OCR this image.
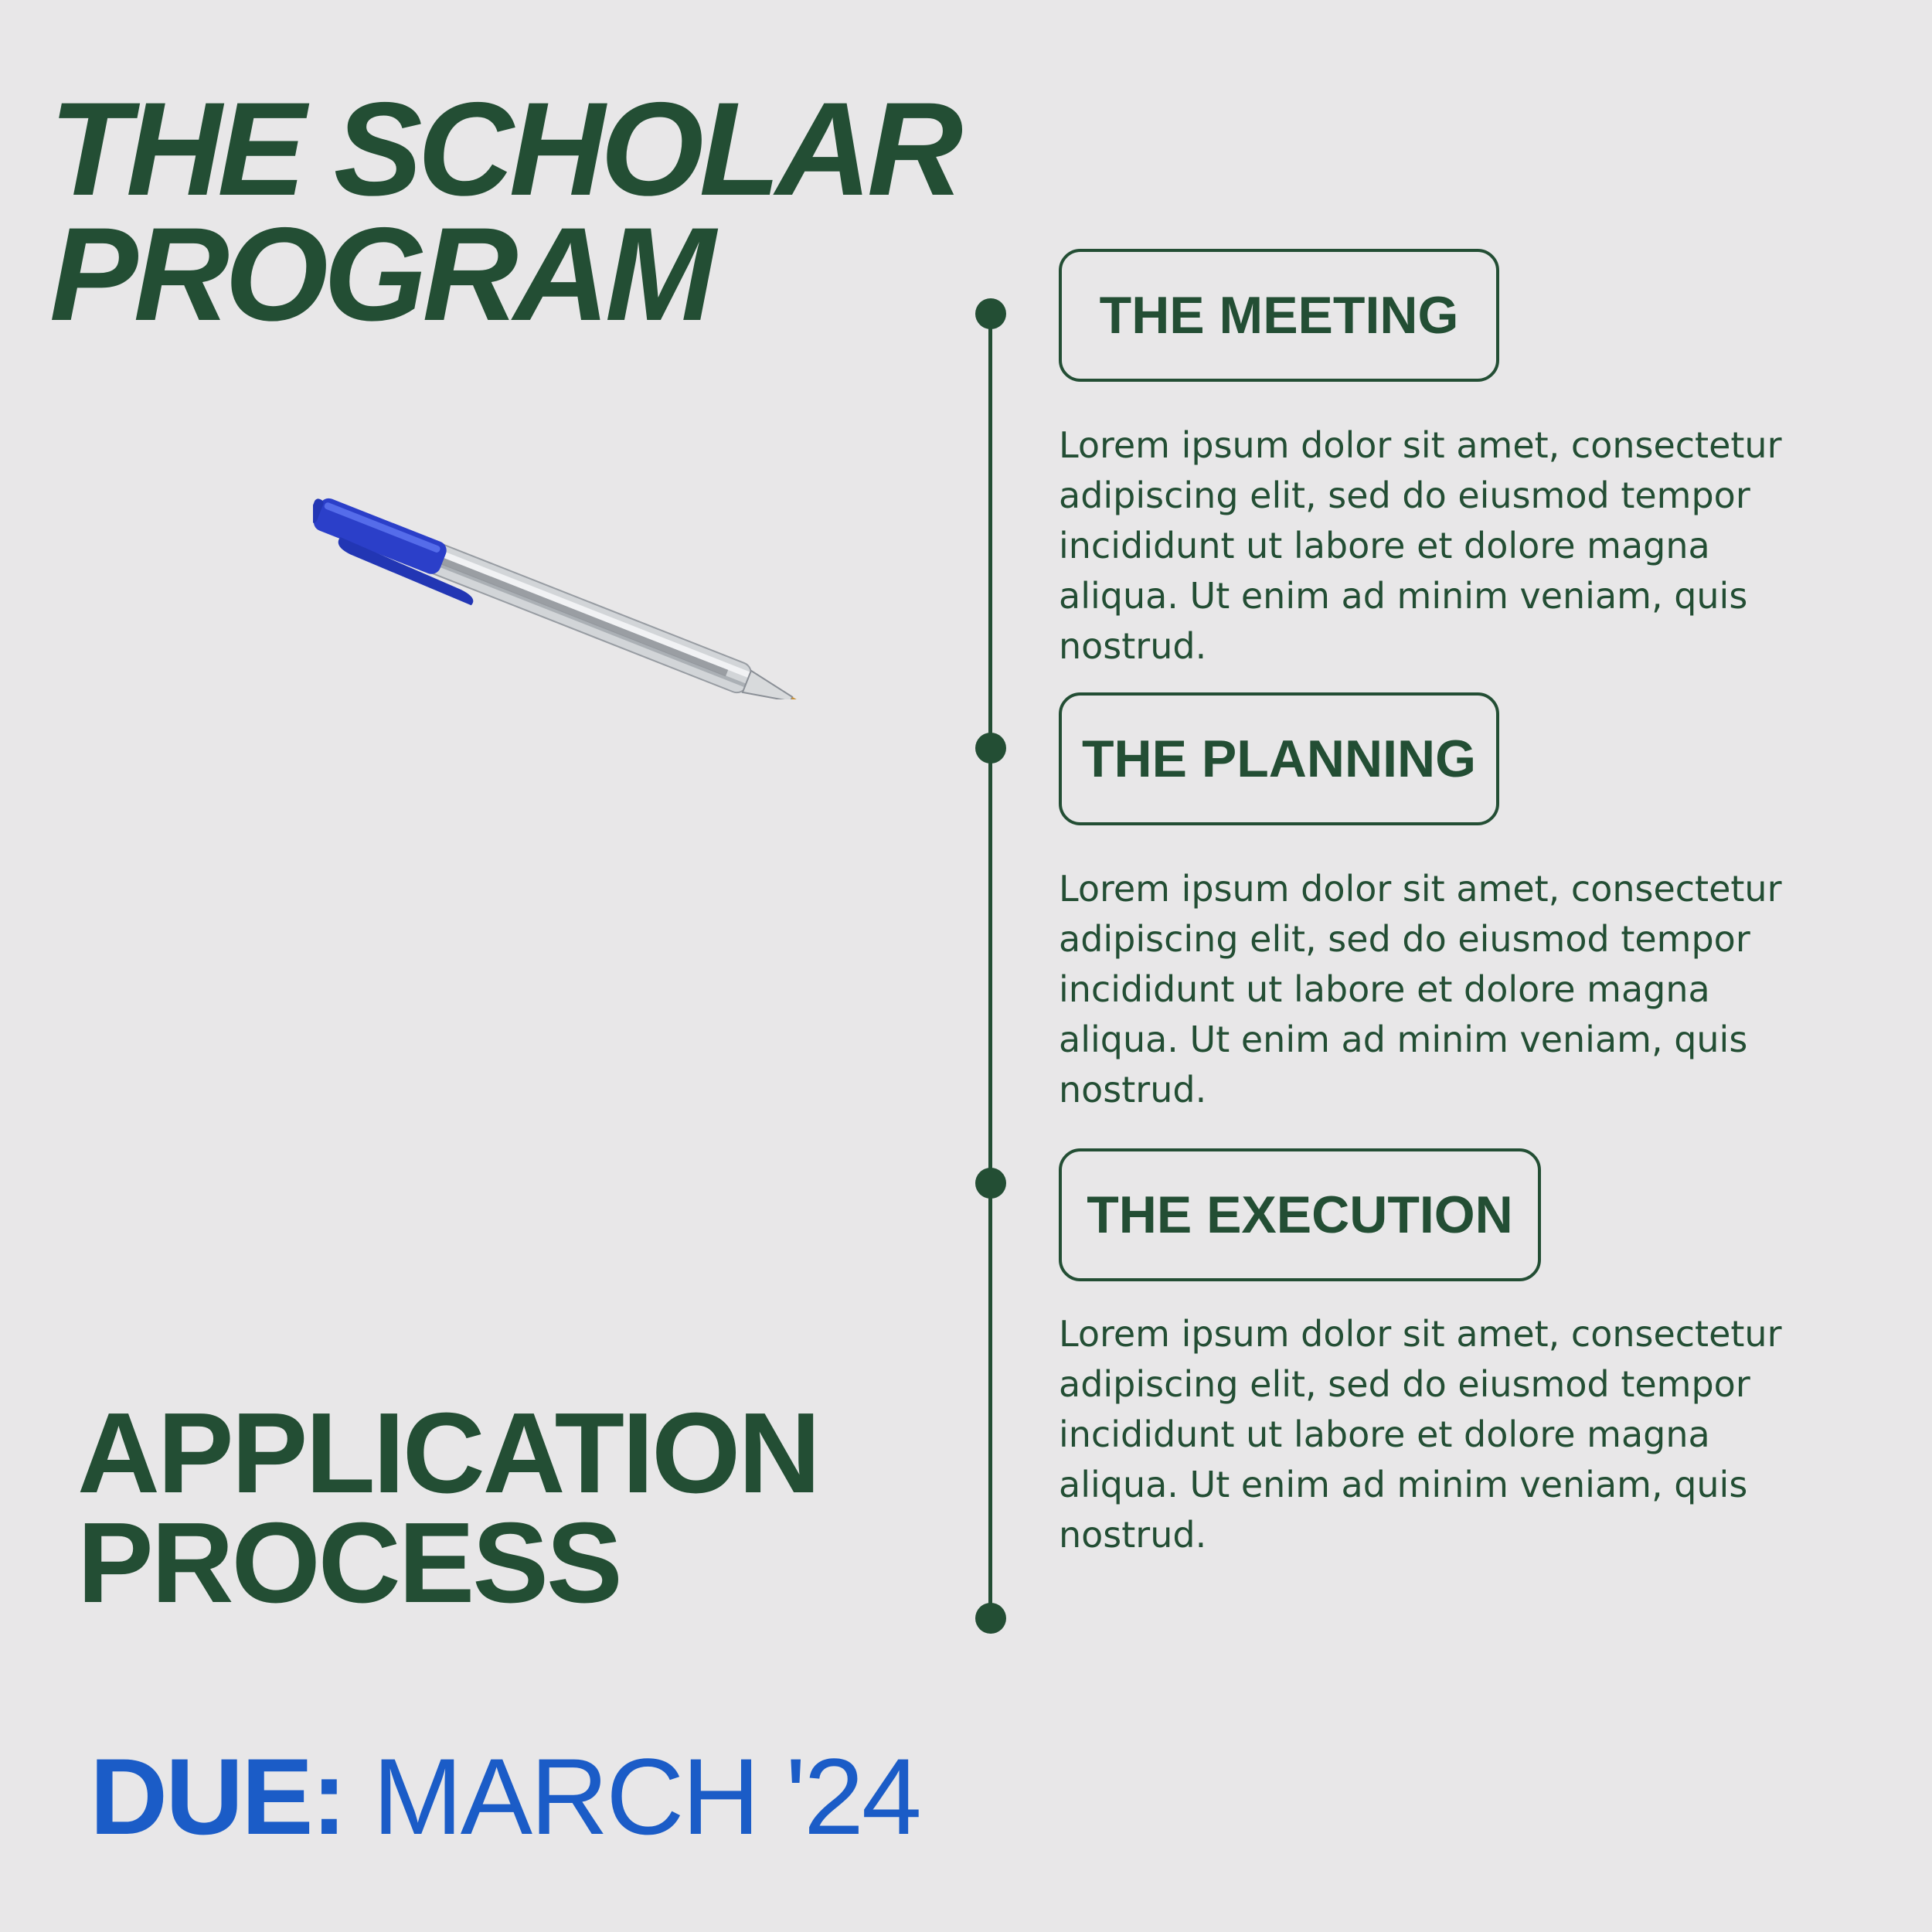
THE SCHOLAR
PROGRAM
APPLICATION
PROCESS
DUE: MARCH '24
THE MEETING

Lorem ipsum dolor sit amet, consectetur adipiscing elit, sed do eiusmod tempor incididunt ut labore et dolore magna aliqua. Ut enim ad minim veniam, quis nostrud.

THE PLANNING

Lorem ipsum dolor sit amet, consectetur adipiscing elit, sed do eiusmod tempor incididunt ut labore et dolore magna aliqua. Ut enim ad minim veniam, quis nostrud.

THE EXECUTION

Lorem ipsum dolor sit amet, consectetur adipiscing elit, sed do eiusmod tempor incididunt ut labore et dolore magna aliqua. Ut enim ad minim veniam, quis nostrud.
